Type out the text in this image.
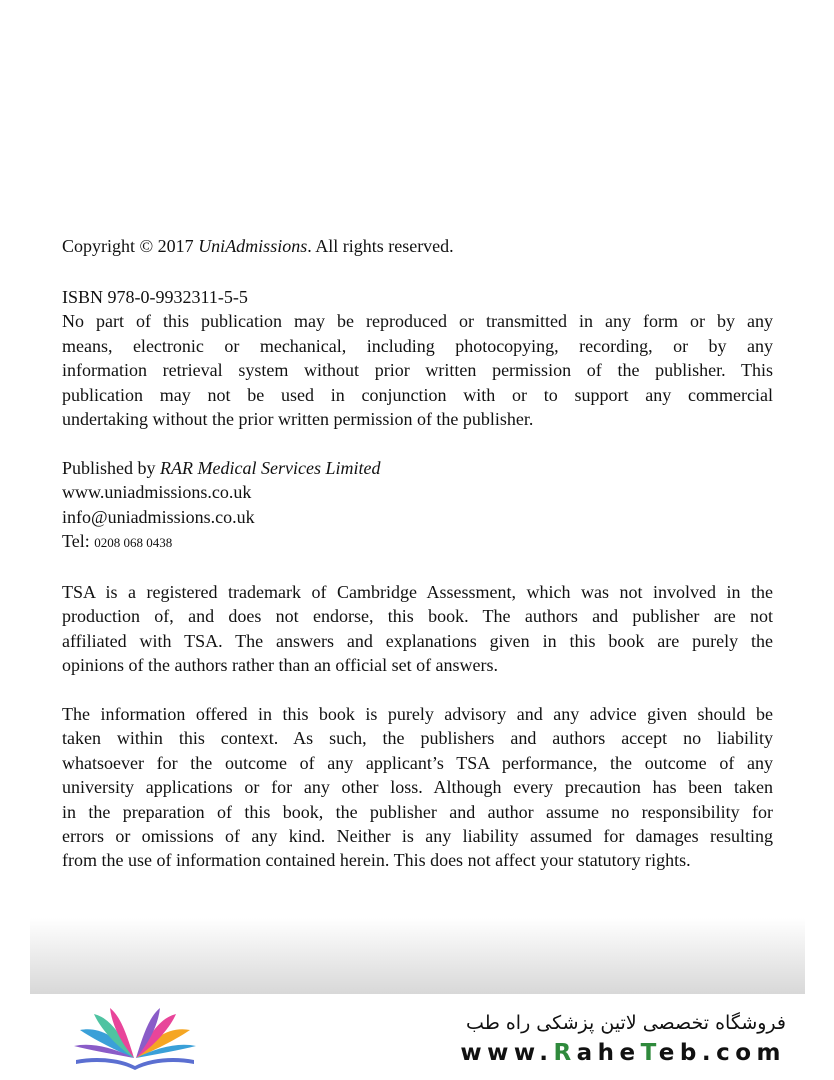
Copyright © 2017 UniAdmissions. All rights reserved.
ISBN 978-0-9932311-5-5
No part of this publication may be reproduced or transmitted in any form or by any
means, electronic or mechanical, including photocopying, recording, or by any
information retrieval system without prior written permission of the publisher. This
publication may not be used in conjunction with or to support any commercial
undertaking without the prior written permission of the publisher.
Published by RAR Medical Services Limited
www.uniadmissions.co.uk
info@uniadmissions.co.uk
Tel: 0208 068 0438
TSA is a registered trademark of Cambridge Assessment, which was not involved in the
production of, and does not endorse, this book. The authors and publisher are not
affiliated with TSA. The answers and explanations given in this book are purely the
opinions of the authors rather than an official set of answers.
The information offered in this book is purely advisory and any advice given should be
taken within this context. As such, the publishers and authors accept no liability
whatsoever for the outcome of any applicant’s TSA performance, the outcome of any
university applications or for any other loss. Although every precaution has been taken
in the preparation of this book, the publisher and author assume no responsibility for
errors or omissions of any kind. Neither is any liability assumed for damages resulting
from the use of information contained herein. This does not affect your statutory rights.
فروشگاه تخصصی لاتین پزشکی راه طب
www.RaheTeb.com
